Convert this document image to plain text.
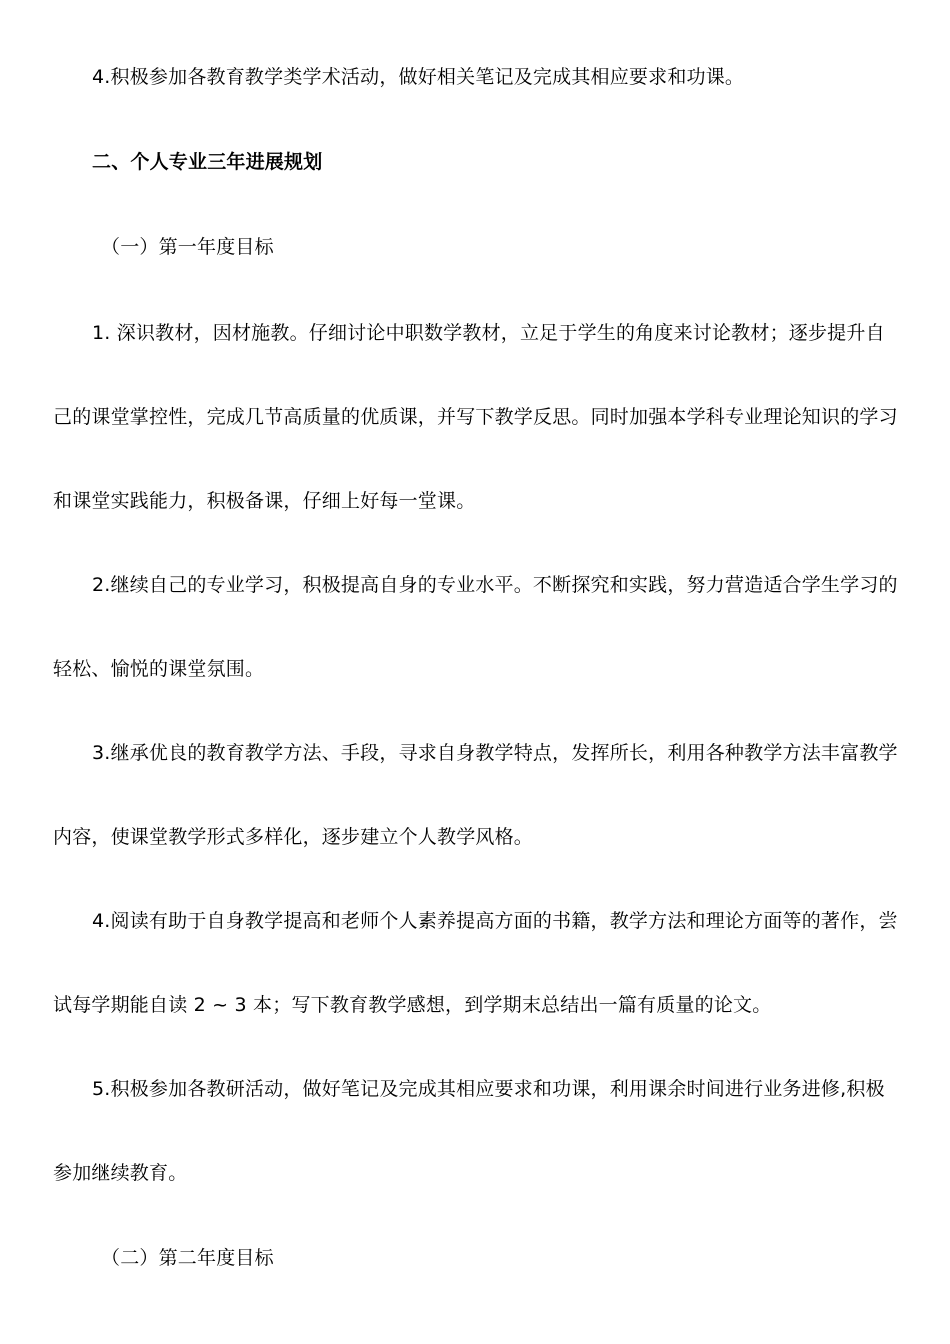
4.积极参加各教育教学类学术活动，做好相关笔记及完成其相应要求和功课。

二、个人专业三年进展规划

（一）第一年度目标

1. 深识教材，因材施教。仔细讨论中职数学教材，立足于学生的角度来讨论教材；逐步提升自

己的课堂掌控性，完成几节高质量的优质课，并写下教学反思。同时加强本学科专业理论知识的学习

和课堂实践能力，积极备课，仔细上好每一堂课。

2.继续自己的专业学习，积极提高自身的专业水平。不断探究和实践，努力营造适合学生学习的

轻松、愉悦的课堂氛围。

3.继承优良的教育教学方法、手段，寻求自身教学特点，发挥所长，利用各种教学方法丰富教学

内容，使课堂教学形式多样化，逐步建立个人教学风格。

4.阅读有助于自身教学提高和老师个人素养提高方面的书籍，教学方法和理论方面等的著作，尝

试每学期能自读 2 ~ 3 本；写下教育教学感想，到学期末总结出一篇有质量的论文。

5.积极参加各教研活动，做好笔记及完成其相应要求和功课，利用课余时间进行业务进修,积极

参加继续教育。

（二）第二年度目标
